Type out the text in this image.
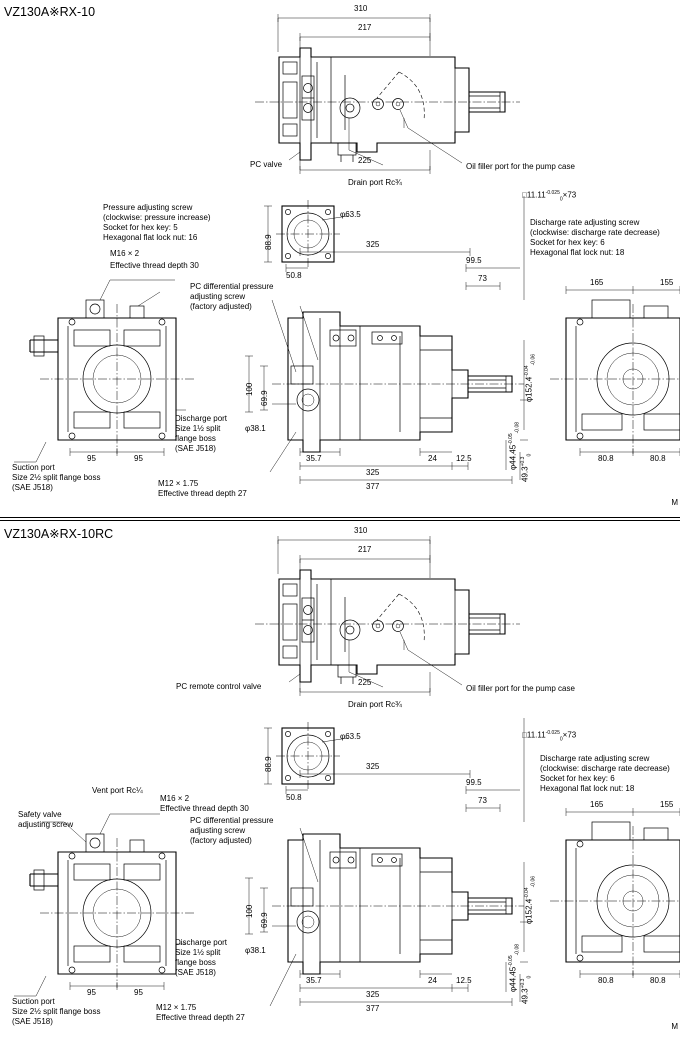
VZ130A※RX-10	310
217
225
PC valve
Drain port Rc¾
Oil filler port for the pump case
Pressure adjusting screw
(clockwise: pressure increase)
Socket for hex key: 5
Hexagonal flat lock nut: 16
M16 × 2
Effective thread depth 30
PC differential pressure
adjusting screw
(factory adjusted)
Discharge port
Size 1½ split
flange boss
(SAE J518)
M12 × 1.75
Effective thread depth 27
Suction port
Size 2½ split flange boss
(SAE J518)
φ63.5
88.9	325
50.8
100
69.9
φ38.1
35.7
325
24 12.5
377
95	95
99.5
73	165	155
80.8	80.8
$\varphi 152.4^{-0.04}_{-0.06}$
$\varphi 44.45^{-0.05}_{-0.08}$
$49.3^{+0.3}_0$
$□11.11^{-0.025}_0\times 73$
Discharge rate adjusting screw
(clockwise: discharge rate decrease)
Socket for hex key: 6
Hexagonal flat lock nut: 18
M
VZ130A※RX-10RC	310
217
225
PC remote control valve
Drain port Rc¾
Oil filler port for the pump case
Vent port Rc¼
Safety valve
adjusting screw
M16 × 2
Effective thread depth 30
PC differential pressure
adjusting screw
(factory adjusted)
Discharge port
Size 1½ split
flange boss
(SAE J518)
M12 × 1.75
Effective thread depth 27
Suction port
Size 2½ split flange boss
(SAE J518)
φ63.5
88.9	325
50.8
100
69.9
φ38.1
35.7
325
24 12.5
377
95	95
99.5
73	165	155
80.8	80.8
$\varphi 152.4^{-0.04}_{-0.06}$
$\varphi 44.45^{-0.05}_{-0.08}$
$49.3^{+0.3}_0$
$□11.11^{-0.025}_0\times 73$
Discharge rate adjusting screw
(clockwise: discharge rate decrease)
Socket for hex key: 6
Hexagonal flat lock nut: 18
M
